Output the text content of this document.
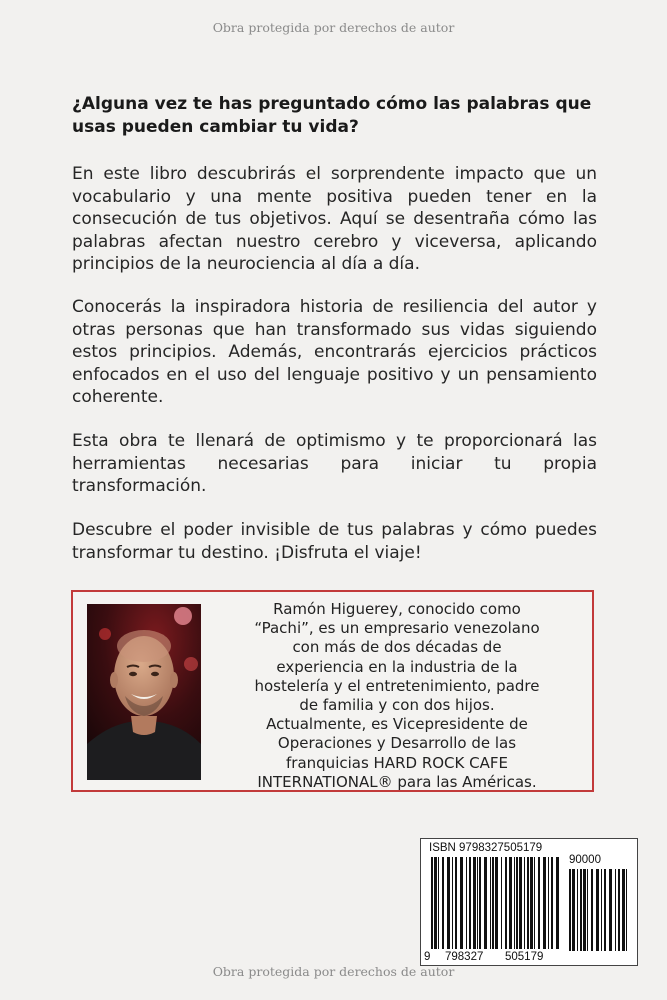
Obra protegida por derechos de autor

¿Alguna vez te has preguntado cómo las palabras que usas pueden cambiar tu vida?

En este libro descubrirás el sorprendente impacto que un vocabulario y una mente positiva pueden tener en la consecución de tus objetivos. Aquí se desentraña cómo las palabras afectan nuestro cerebro y viceversa, aplicando principios de la neurociencia al día a día.

Conocerás la inspiradora historia de resiliencia del autor y otras personas que han transformado sus vidas siguiendo estos principios. Además, encontrarás ejercicios prácticos enfocados en el uso del lenguaje positivo y un pensamiento coherente.

Esta obra te llenará de optimismo y te proporcionará las herramientas necesarias para iniciar tu propia transformación.

Descubre el poder invisible de tus palabras y cómo puedes transformar tu destino. ¡Disfruta el viaje!

Ramón Higuerey, conocido como
“Pachi”, es un empresario venezolano
con más de dos décadas de
experiencia en la industria de la
hostelería y el entretenimiento, padre
de familia y con dos hijos.
Actualmente, es Vicepresidente de
Operaciones y Desarrollo de las
franquicias HARD ROCK CAFE
INTERNATIONAL® para las Américas.
ISBN 9798327505179
90000
9 798327 505179
Obra protegida por derechos de autor
